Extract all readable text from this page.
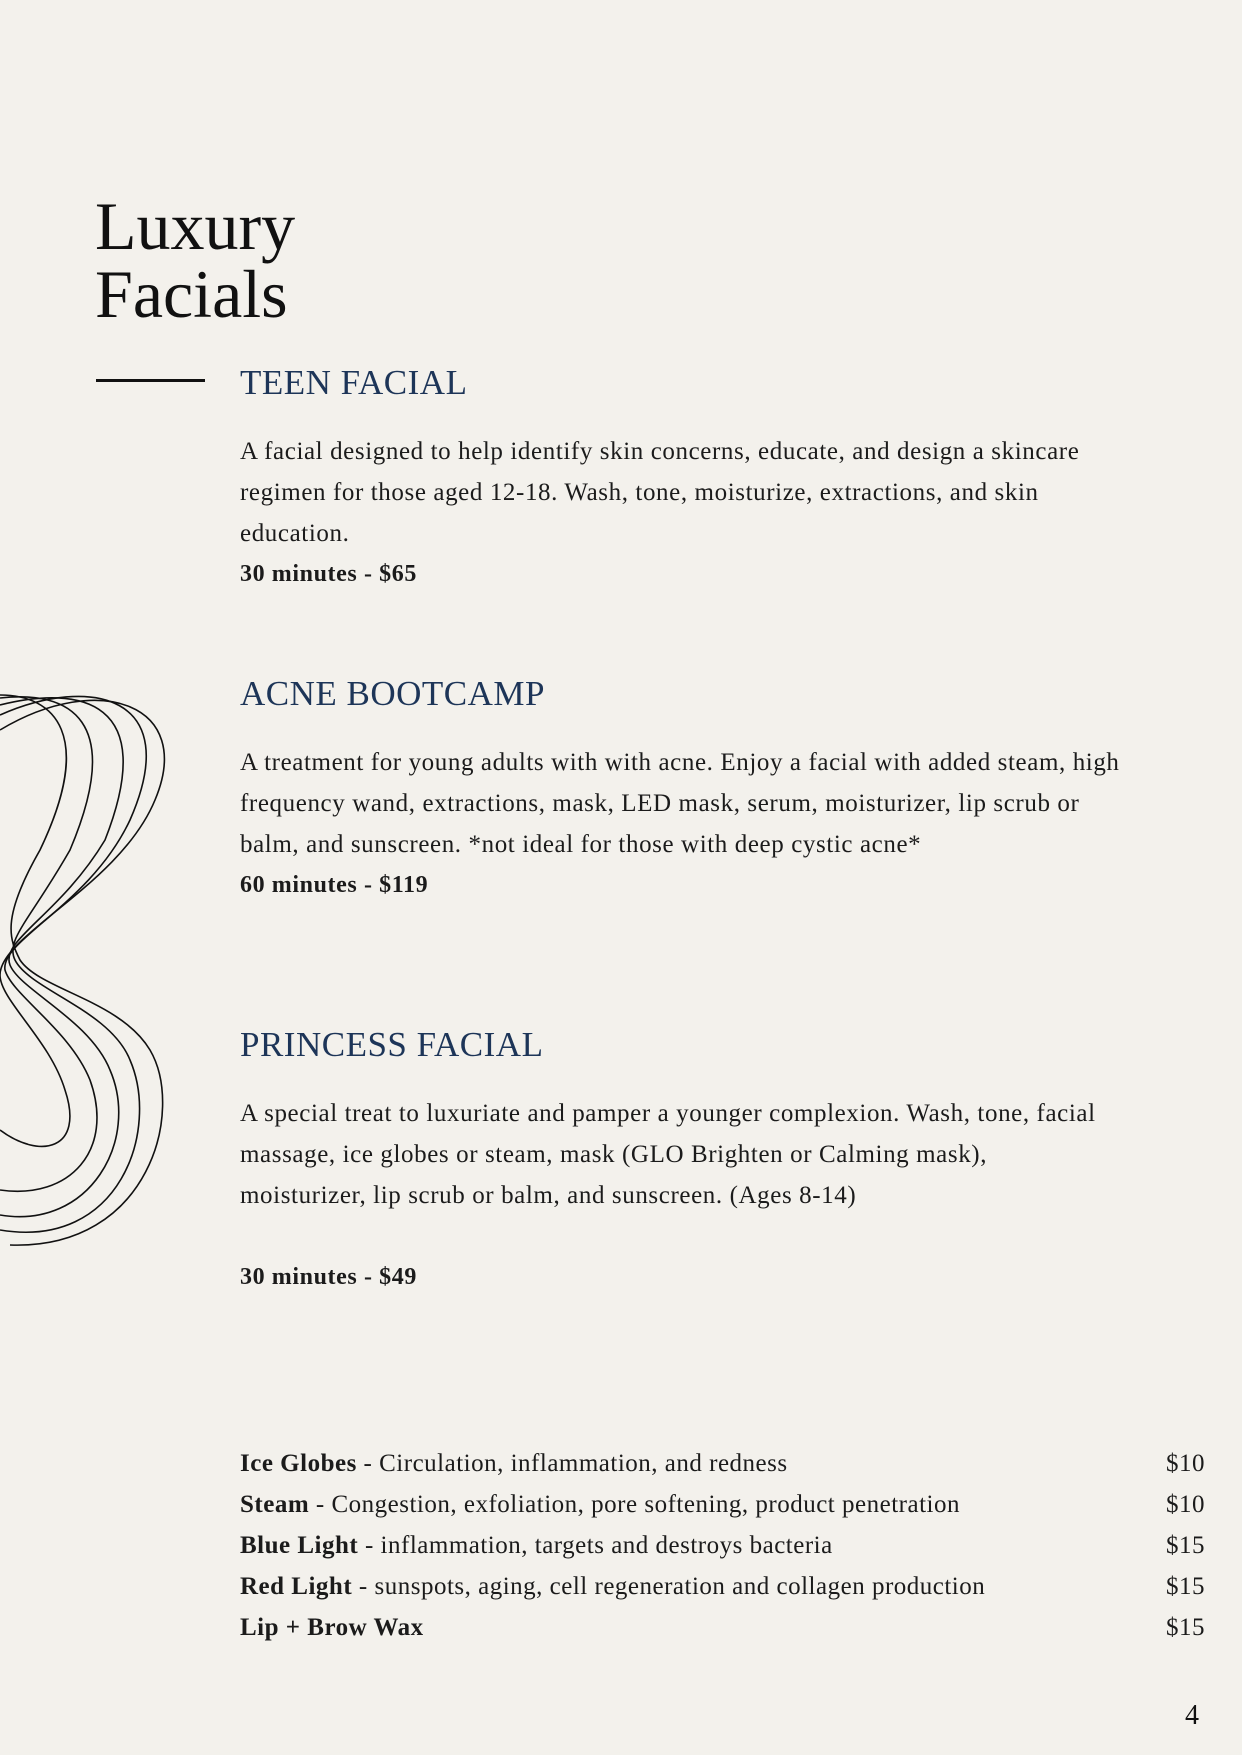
Luxury
Facials
TEEN FACIAL

A facial designed to help identify skin concerns, educate, and design a skincare regimen for those aged 12-18. Wash, tone, moisturize, extractions, and skin education.

30 minutes - $65

ACNE BOOTCAMP

A treatment for young adults with with acne. Enjoy a facial with added steam, high frequency wand, extractions, mask, LED mask, serum, moisturizer, lip scrub or balm, and sunscreen. *not ideal for those with deep cystic acne*

60 minutes - $119

PRINCESS FACIAL

A special treat to luxuriate and pamper a younger complexion. Wash, tone, facial massage, ice globes or steam, mask (GLO Brighten or Calming mask), moisturizer, lip scrub or balm, and sunscreen. (Ages 8-14)

30 minutes - $49

Ice Globes - Circulation, inflammation, and redness	$10
Steam - Congestion, exfoliation, pore softening, product penetration	$10
Blue Light - inflammation, targets and destroys bacteria	$15
Red Light - sunspots, aging, cell regeneration and collagen production	$15
Lip + Brow Wax	$15
4
